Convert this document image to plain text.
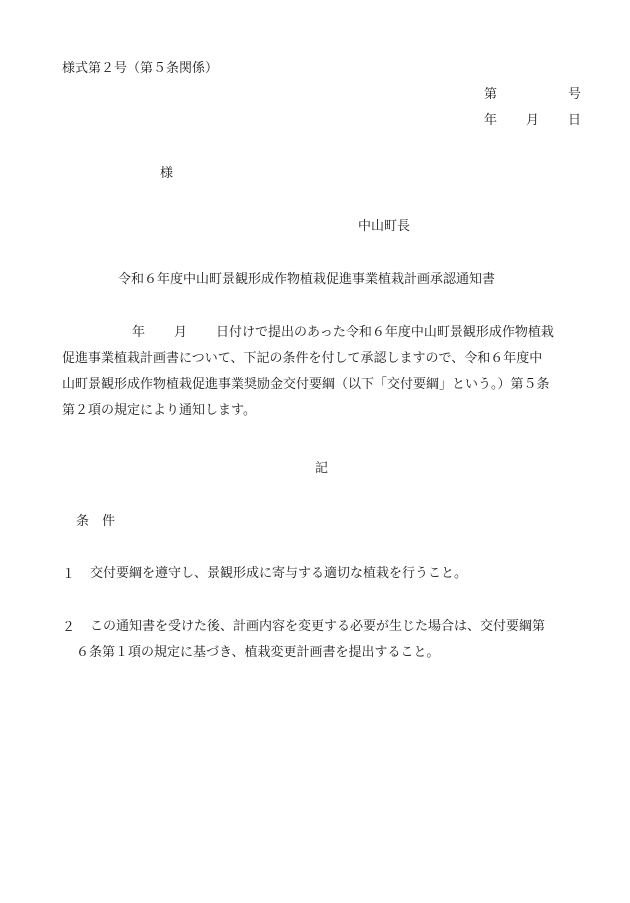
様式第２号（第５条関係）
第	号
年 月 日
様
中山町長
令和６年度中山町景観形成作物植栽促進事業植栽計画承認通知書
年 月 日付けで提出のあった令和６年度中山町景観形成作物植栽

促進事業植栽計画書について、下記の条件を付して承認しますので、令和６年度中
山町景観形成作物植栽促進事業奨励金交付要綱（以下「交付要綱」という。）第５条
第２項の規定により通知します。
記
条　件
１ 交付要綱を遵守し、景観形成に寄与する適切な植栽を行うこと。
２ この通知書を受けた後、計画内容を変更する必要が生じた場合は、交付要綱第
６条第１項の規定に基づき、植栽変更計画書を提出すること。
